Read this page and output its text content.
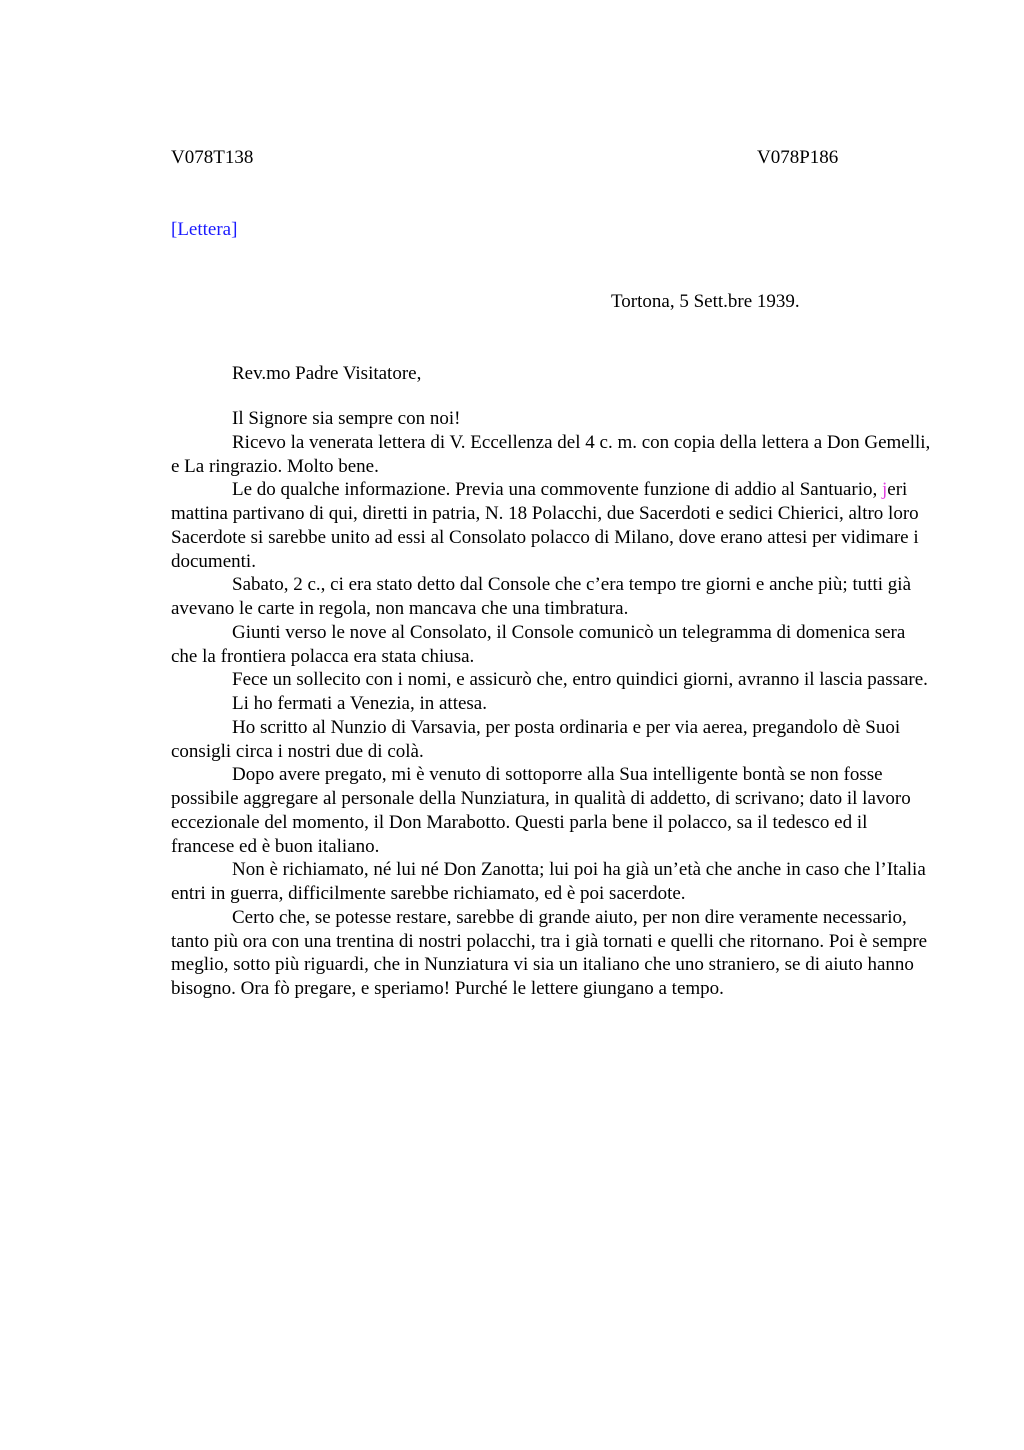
V078T138	V078P186
[Lettera]
Tortona, 5 Sett.bre 1939.
Rev.mo Padre Visitatore,

Il Signore sia sempre con noi!

Ricevo la venerata lettera di V. Eccellenza del 4 c. m. con copia della lettera a Don Gemelli, e La ringrazio. Molto bene.

Le do qualche informazione. Previa una commovente funzione di addio al Santuario, jeri mattina partivano di qui, diretti in patria, N. 18 Polacchi, due Sacerdoti e sedici Chierici, altro loro Sacerdote si sarebbe unito ad essi al Consolato polacco di Milano, dove erano attesi per vidimare i documenti.

Sabato, 2 c., ci era stato detto dal Console che c’era tempo tre giorni e anche più; tutti già avevano le carte in regola, non mancava che una timbratura.

Giunti verso le nove al Consolato, il Console comunicò un telegramma di domenica sera che la frontiera polacca era stata chiusa.

Fece un sollecito con i nomi, e assicurò che, entro quindici giorni, avranno il lascia passare.

Li ho fermati a Venezia, in attesa.

Ho scritto al Nunzio di Varsavia, per posta ordinaria e per via aerea, pregandolo dè Suoi consigli circa i nostri due di colà.

Dopo avere pregato, mi è venuto di sottoporre alla Sua intelligente bontà se non fosse possibile aggregare al personale della Nunziatura, in qualità di addetto, di scrivano; dato il lavoro eccezionale del momento, il Don Marabotto. Questi parla bene il polacco, sa il tedesco ed il francese ed è buon italiano.

Non è richiamato, né lui né Don Zanotta; lui poi ha già un’età che anche in caso che l’Italia entri in guerra, difficilmente sarebbe richiamato, ed è poi sacerdote.

Certo che, se potesse restare, sarebbe di grande aiuto, per non dire veramente necessario, tanto più ora con una trentina di nostri polacchi, tra i già tornati e quelli che ritornano. Poi è sempre meglio, sotto più riguardi, che in Nunziatura vi sia un italiano che uno straniero, se di aiuto hanno bisogno. Ora fò pregare, e speriamo! Purché le lettere giungano a tempo.
